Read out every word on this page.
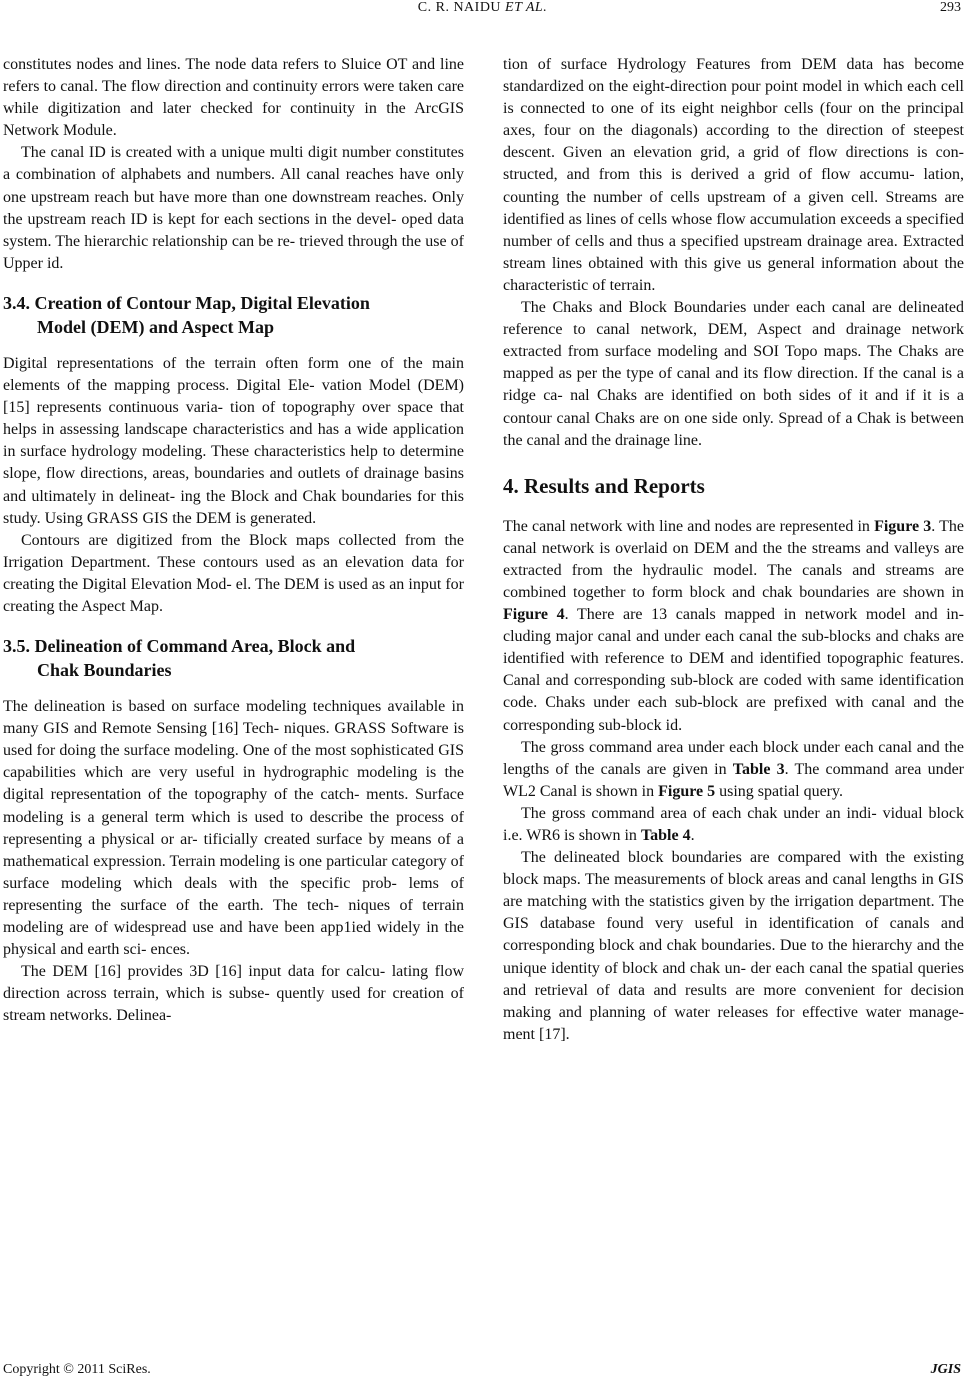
C. R. NAIDU ET AL.	293

constitutes nodes and lines. The node data refers to Sluice OT and line refers to canal. The flow direction and continuity errors were taken care while digitization and later checked for continuity in the ArcGIS Network Module.

The canal ID is created with a unique multi digit number constitutes a combination of alphabets and numbers. All canal reaches have only one upstream reach but have more than one downstream reaches. Only the upstream reach ID is kept for each sections in the devel- oped data system. The hierarchic relationship can be re- trieved through the use of Upper id.

3.4. Creation of Contour Map, Digital Elevation
Model (DEM) and Aspect Map

Digital representations of the terrain often form one of the main elements of the mapping process. Digital Ele- vation Model (DEM) [15] represents continuous varia- tion of topography over space that helps in assessing landscape characteristics and has a wide application in surface hydrology modeling. These characteristics help to determine slope, flow directions, areas, boundaries and outlets of drainage basins and ultimately in delineat- ing the Block and Chak boundaries for this study. Using GRASS GIS the DEM is generated.

Contours are digitized from the Block maps collected from the Irrigation Department. These contours used as an elevation data for creating the Digital Elevation Mod- el. The DEM is used as an input for creating the Aspect Map.

3.5. Delineation of Command Area, Block and
Chak Boundaries

The delineation is based on surface modeling techniques available in many GIS and Remote Sensing [16] Tech- niques. GRASS Software is used for doing the surface modeling. One of the most sophisticated GIS capabilities which are very useful in hydrographic modeling is the digital representation of the topography of the catch- ments. Surface modeling is a general term which is used to describe the process of representing a physical or ar- tificially created surface by means of a mathematical expression. Terrain modeling is one particular category of surface modeling which deals with the specific prob- lems of representing the surface of the earth. The tech- niques of terrain modeling are of widespread use and have been app1ied widely in the physical and earth sci- ences.

The DEM [16] provides 3D [16] input data for calcu- lating flow direction across terrain, which is subse- quently used for creation of stream networks. Delinea-

tion of surface Hydrology Features from DEM data has become standardized on the eight-direction pour point model in which each cell is connected to one of its eight neighbor cells (four on the principal axes, four on the diagonals) according to the direction of steepest descent. Given an elevation grid, a grid of flow directions is con- structed, and from this is derived a grid of flow accumu- lation, counting the number of cells upstream of a given cell. Streams are identified as lines of cells whose flow accumulation exceeds a specified number of cells and thus a specified upstream drainage area. Extracted stream lines obtained with this give us general information about the characteristic of terrain.

The Chaks and Block Boundaries under each canal are delineated reference to canal network, DEM, Aspect and drainage network extracted from surface modeling and SOI Topo maps. The Chaks are mapped as per the type of canal and its flow direction. If the canal is a ridge ca- nal Chaks are identified on both sides of it and if it is a contour canal Chaks are on one side only. Spread of a Chak is between the canal and the drainage line.

4. Results and Reports

The canal network with line and nodes are represented in Figure 3. The canal network is overlaid on DEM and the the streams and valleys are extracted from the hydraulic model. The canals and streams are combined together to form block and chak boundaries are shown in Figure 4. There are 13 canals mapped in network model and in- cluding major canal and under each canal the sub-blocks and chaks are identified with reference to DEM and identified topographic features. Canal and corresponding sub-block are coded with same identification code. Chaks under each sub-block are prefixed with canal and the corresponding sub-block id.

The gross command area under each block under each canal and the lengths of the canals are given in Table 3. The command area under WL2 Canal is shown in Figure 5 using spatial query.

The gross command area of each chak under an indi- vidual block i.e. WR6 is shown in Table 4.

The delineated block boundaries are compared with the existing block maps. The measurements of block areas and canal lengths in GIS are matching with the statistics given by the irrigation department. The GIS database found very useful in identification of canals and corresponding block and chak boundaries. Due to the hierarchy and the unique identity of block and chak un- der each canal the spatial queries and retrieval of data and results are more convenient for decision making and planning of water releases for effective water manage- ment [17].

Copyright © 2011 SciRes.	JGIS
